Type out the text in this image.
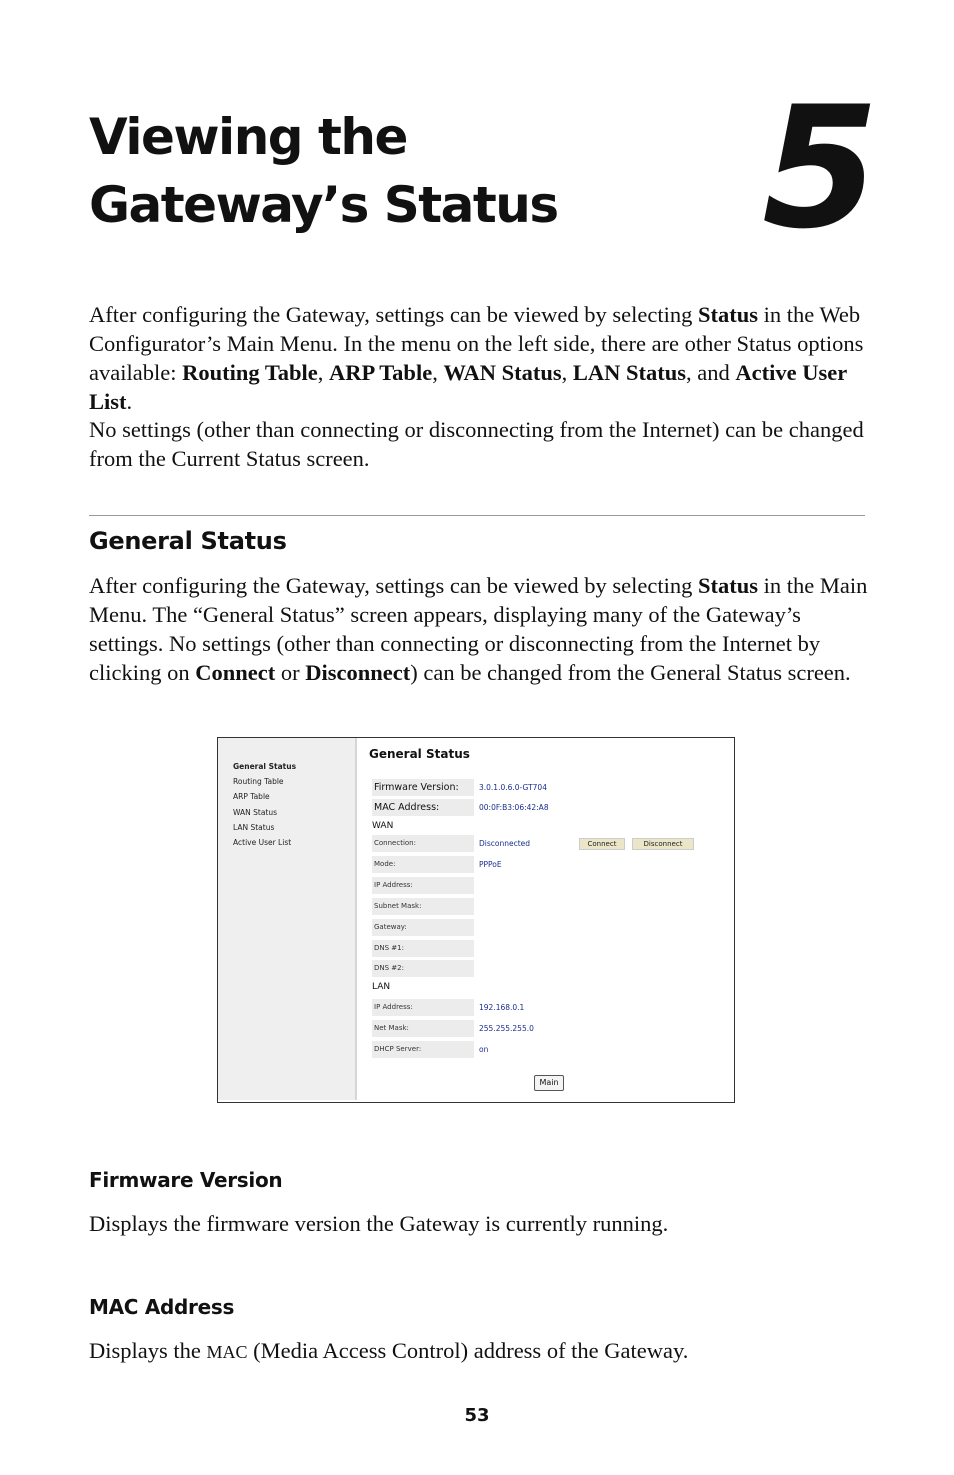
Viewing the
Gateway’s Status 5

After configuring the Gateway, settings can be viewed by selecting Status in the Web Configurator’s Main Menu. In the menu on the left side, there are other Status options available: Routing Table, ARP Table, WAN Status, LAN Status, and Active User List.

No settings (other than connecting or disconnecting from the Internet) can be changed from the Current Status screen.

General Status

After configuring the Gateway, settings can be viewed by selecting Status in the Main Menu. The “General Status” screen appears, displaying many of the Gateway’s settings. No settings (other than connecting or disconnecting from the Internet by clicking on Connect or Disconnect) can be changed from the General Status screen.

General Status
Routing Table
ARP Table
WAN Status
LAN Status
Active User List
General Status
Firmware Version:	3.0.1.0.6.0-GT704
MAC Address:	00:0F:B3:06:42:A8
WAN
Connection:	Disconnected	Connect	Disconnect
Mode:	PPPoE
IP Address:
Subnet Mask:
Gateway:
DNS #1:
DNS #2:
LAN
IP Address:	192.168.0.1
Net Mask:	255.255.255.0
DHCP Server:	on
Main
Firmware Version

Displays the firmware version the Gateway is currently running.

MAC Address

Displays the MAC (Media Access Control) address of the Gateway.

53
